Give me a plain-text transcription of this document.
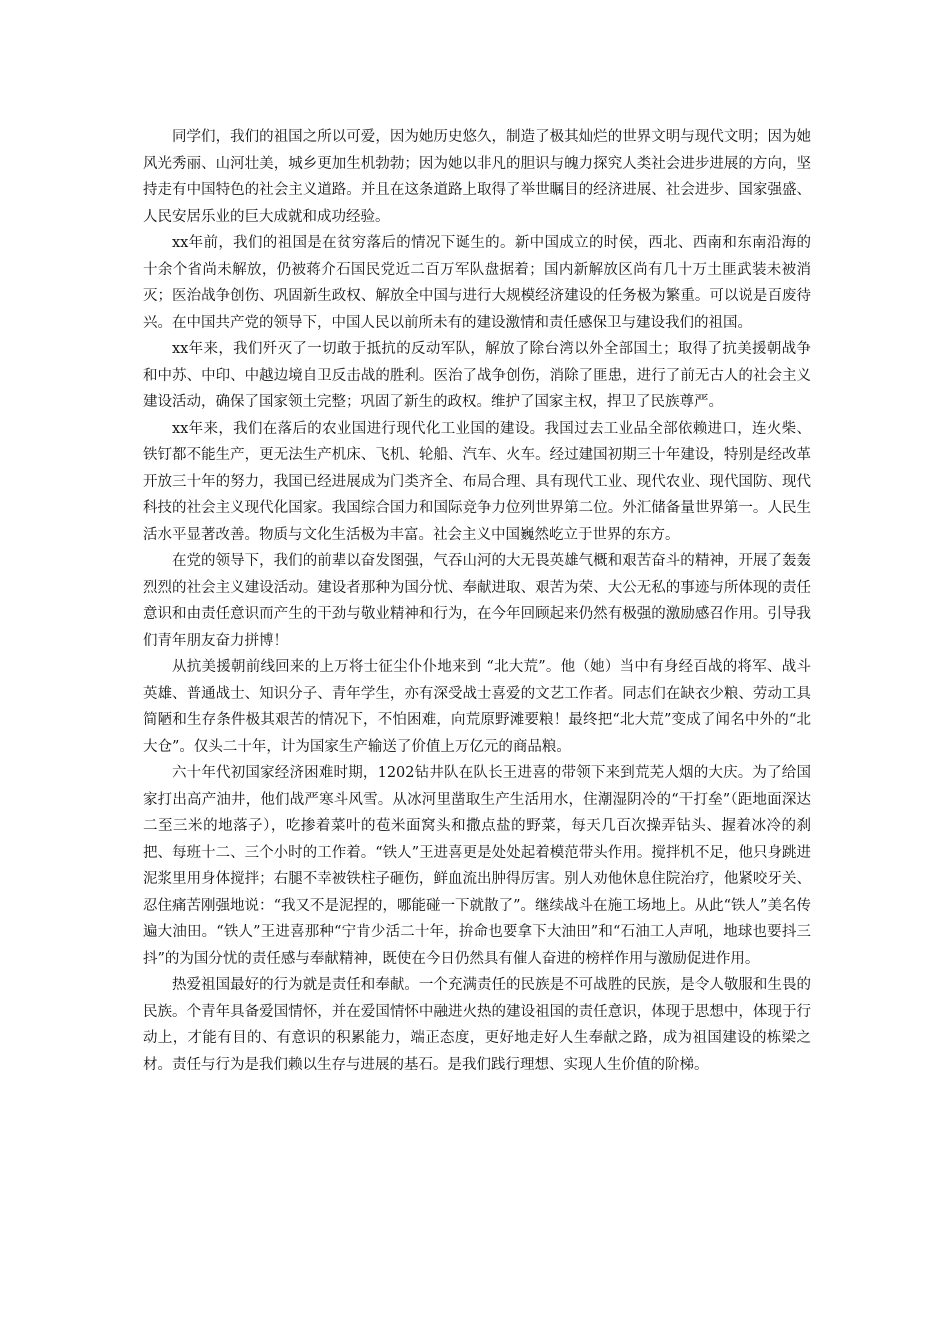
同学们，我们的祖国之所以可爱，因为她历史悠久，制造了极其灿烂的世界文明与现代文明；因为她风光秀丽、山河壮美，城乡更加生机勃勃；因为她以非凡的胆识与魄力探究人类社会进步进展的方向，坚持走有中国特色的社会主义道路。并且在这条道路上取得了举世瞩目的经济进展、社会进步、国家强盛、人民安居乐业的巨大成就和成功经验。

xx年前，我们的祖国是在贫穷落后的情况下诞生的。新中国成立的时侯，西北、西南和东南沿海的十余个省尚未解放，仍被蒋介石国民党近二百万军队盘据着；国内新解放区尚有几十万土匪武装未被消灭；医治战争创伤、巩固新生政权、解放全中国与进行大规模经济建设的任务极为繁重。可以说是百废待兴。在中国共产党的领导下，中国人民以前所未有的建设激情和责任感保卫与建设我们的祖国。

xx年来，我们歼灭了一切敢于抵抗的反动军队，解放了除台湾以外全部国土；取得了抗美援朝战争和中苏、中印、中越边境自卫反击战的胜利。医治了战争创伤，消除了匪患，进行了前无古人的社会主义建设活动，确保了国家领土完整；巩固了新生的政权。维护了国家主权，捍卫了民族尊严。

xx年来，我们在落后的农业国进行现代化工业国的建设。我国过去工业品全部依赖进口，连火柴、铁钉都不能生产，更无法生产机床、飞机、轮船、汽车、火车。经过建国初期三十年建设，特别是经改革开放三十年的努力，我国已经进展成为门类齐全、布局合理、具有现代工业、现代农业、现代国防、现代科技的社会主义现代化国家。我国综合国力和国际竞争力位列世界第二位。外汇储备量世界第一。人民生活水平显著改善。物质与文化生活极为丰富。社会主义中国巍然屹立于世界的东方。

在党的领导下，我们的前辈以奋发图强，气吞山河的大无畏英雄气概和艰苦奋斗的精神，开展了轰轰烈烈的社会主义建设活动。建设者那种为国分忧、奉献进取、艰苦为荣、大公无私的事迹与所体现的责任意识和由责任意识而产生的干劲与敬业精神和行为，在今年回顾起来仍然有极强的激励感召作用。引导我们青年朋友奋力拼博！

从抗美援朝前线回来的上万将士征尘仆仆地来到 “北大荒”。他（她）当中有身经百战的将军、战斗英雄、普通战士、知识分子、青年学生，亦有深受战士喜爱的文艺工作者。同志们在缺衣少粮、劳动工具简陋和生存条件极其艰苦的情况下，不怕困难，向荒原野滩要粮！最终把“北大荒”变成了闻名中外的“北大仓”。仅头二十年，计为国家生产输送了价值上万亿元的商品粮。

六十年代初国家经济困难时期，1202钻井队在队长王进喜的带领下来到荒芜人烟的大庆。为了给国家打出高产油井，他们战严寒斗风雪。从冰河里凿取生产生活用水，住潮湿阴冷的“干打垒”（距地面深达二至三米的地落子），吃掺着菜叶的苞米面窝头和撒点盐的野菜，每天几百次操弄钻头、握着冰冷的刹把、每班十二、三个小时的工作着。“铁人”王进喜更是处处起着模范带头作用。搅拌机不足，他只身跳进泥浆里用身体搅拌；右腿不幸被铁柱子砸伤，鲜血流出肿得厉害。别人劝他休息住院治疗，他紧咬牙关、忍住痛苦刚强地说：“我又不是泥捏的，哪能碰一下就散了”。继续战斗在施工场地上。从此“铁人”美名传遍大油田。“铁人”王进喜那种“宁肯少活二十年，拚命也要拿下大油田”和“石油工人声吼，地球也要抖三抖”的为国分忧的责任感与奉献精神，既使在今日仍然具有催人奋进的榜样作用与激励促进作用。

热爱祖国最好的行为就是责任和奉献。一个充满责任的民族是不可战胜的民族，是令人敬服和生畏的民族。个青年具备爱国情怀，并在爱国情怀中融进火热的建设祖国的责任意识，体现于思想中，体现于行动上，才能有目的、有意识的积累能力，端正态度，更好地走好人生奉献之路，成为祖国建设的栋梁之材。责任与行为是我们赖以生存与进展的基石。是我们践行理想、实现人生价值的阶梯。
